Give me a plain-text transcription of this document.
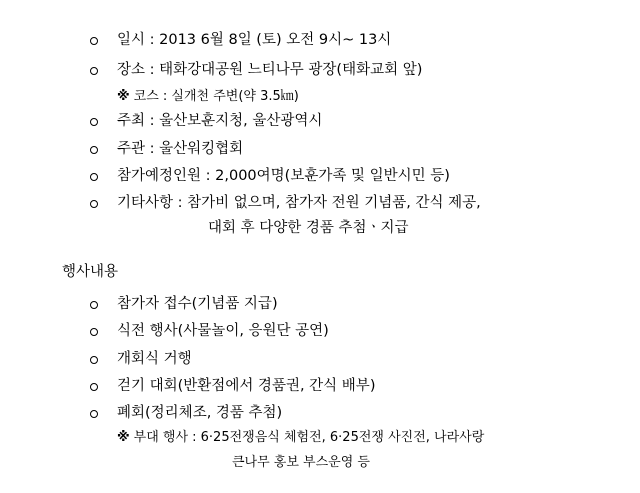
일시 : 2013 6월 8일 (토) 오전 9시~ 13시
장소 : 태화강대공원 느티나무 광장(태화교회 앞)
※ 코스 : 실개천 주변(약 3.5㎞)
주최 : 울산보훈지청, 울산광역시
주관 : 울산워킹협회
참가예정인원 : 2,000여명(보훈가족 및 일반시민 등)
기타사항 : 참가비 없으며, 참가자 전원 기념품, 간식 제공,
대회 후 다양한 경품 추첨ㆍ지급
행사내용
참가자 접수(기념품 지급)
식전 행사(사물놀이, 응원단 공연)
개회식 거행
걷기 대회(반환점에서 경품권, 간식 배부)
폐회(정리체조, 경품 추첨)
※ 부대 행사 : 6·25전쟁음식 체험전, 6·25전쟁 사진전, 나라사랑
큰나무 홍보 부스운영 등
